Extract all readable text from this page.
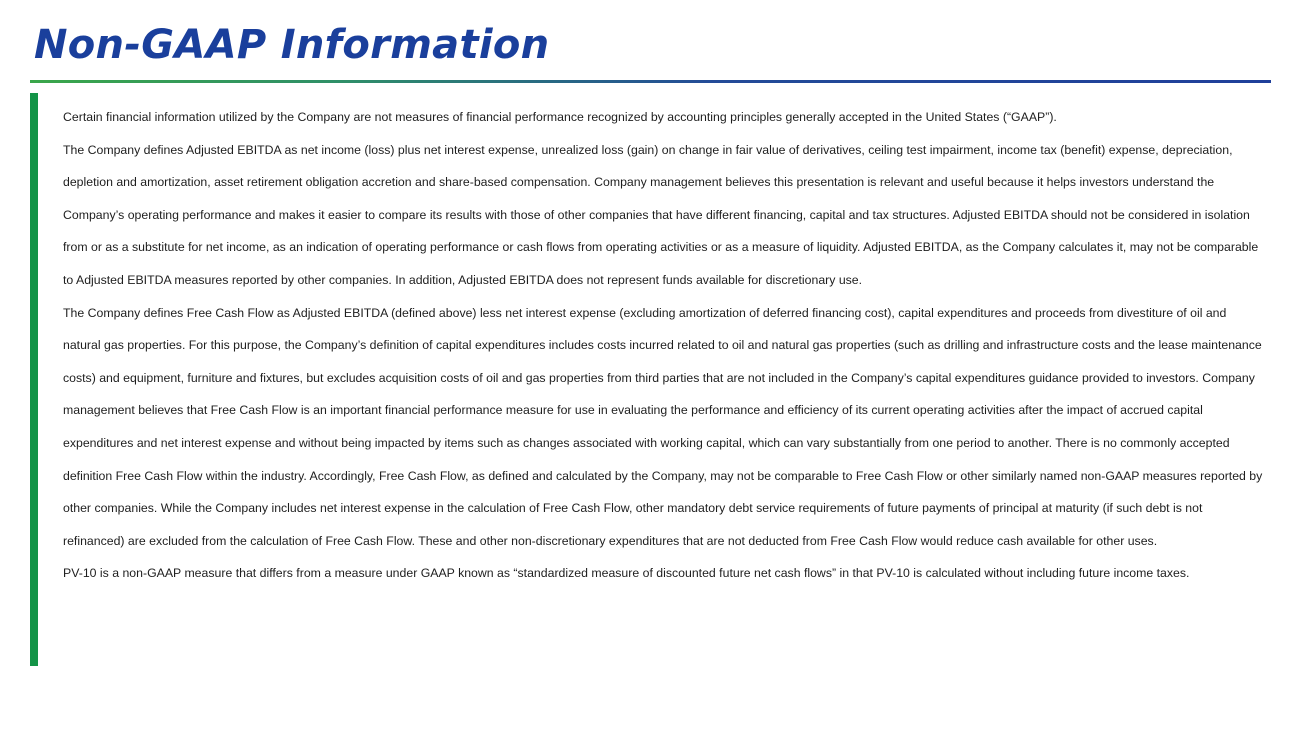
Non-GAAP Information

Certain financial information utilized by the Company are not measures of financial performance recognized by accounting principles generally accepted in the United States (“GAAP”).

The Company defines Adjusted EBITDA as net income (loss) plus net interest expense, unrealized loss (gain) on change in fair value of derivatives, ceiling test impairment, income tax (benefit) expense, depreciation, depletion and amortization, asset retirement obligation accretion and share-based compensation. Company management believes this presentation is relevant and useful because it helps investors understand the Company’s operating performance and makes it easier to compare its results with those of other companies that have different financing, capital and tax structures. Adjusted EBITDA should not be considered in isolation from or as a substitute for net income, as an indication of operating performance or cash flows from operating activities or as a measure of liquidity. Adjusted EBITDA, as the Company calculates it, may not be comparable to Adjusted EBITDA measures reported by other companies. In addition, Adjusted EBITDA does not represent funds available for discretionary use.

The Company defines Free Cash Flow as Adjusted EBITDA (defined above) less net interest expense (excluding amortization of deferred financing cost), capital expenditures and proceeds from divestiture of oil and natural gas properties. For this purpose, the Company’s definition of capital expenditures includes costs incurred related to oil and natural gas properties (such as drilling and infrastructure costs and the lease maintenance costs) and equipment, furniture and fixtures, but excludes acquisition costs of oil and gas properties from third parties that are not included in the Company’s capital expenditures guidance provided to investors. Company management believes that Free Cash Flow is an important financial performance measure for use in evaluating the performance and efficiency of its current operating activities after the impact of accrued capital expenditures and net interest expense and without being impacted by items such as changes associated with working capital, which can vary substantially from one period to another. There is no commonly accepted definition Free Cash Flow within the industry. Accordingly, Free Cash Flow, as defined and calculated by the Company, may not be comparable to Free Cash Flow or other similarly named non-GAAP measures reported by other companies. While the Company includes net interest expense in the calculation of Free Cash Flow, other mandatory debt service requirements of future payments of principal at maturity (if such debt is not refinanced) are excluded from the calculation of Free Cash Flow. These and other non-discretionary expenditures that are not deducted from Free Cash Flow would reduce cash available for other uses.

PV-10 is a non-GAAP measure that differs from a measure under GAAP known as “standardized measure of discounted future net cash flows” in that PV-10 is calculated without including future income taxes.
